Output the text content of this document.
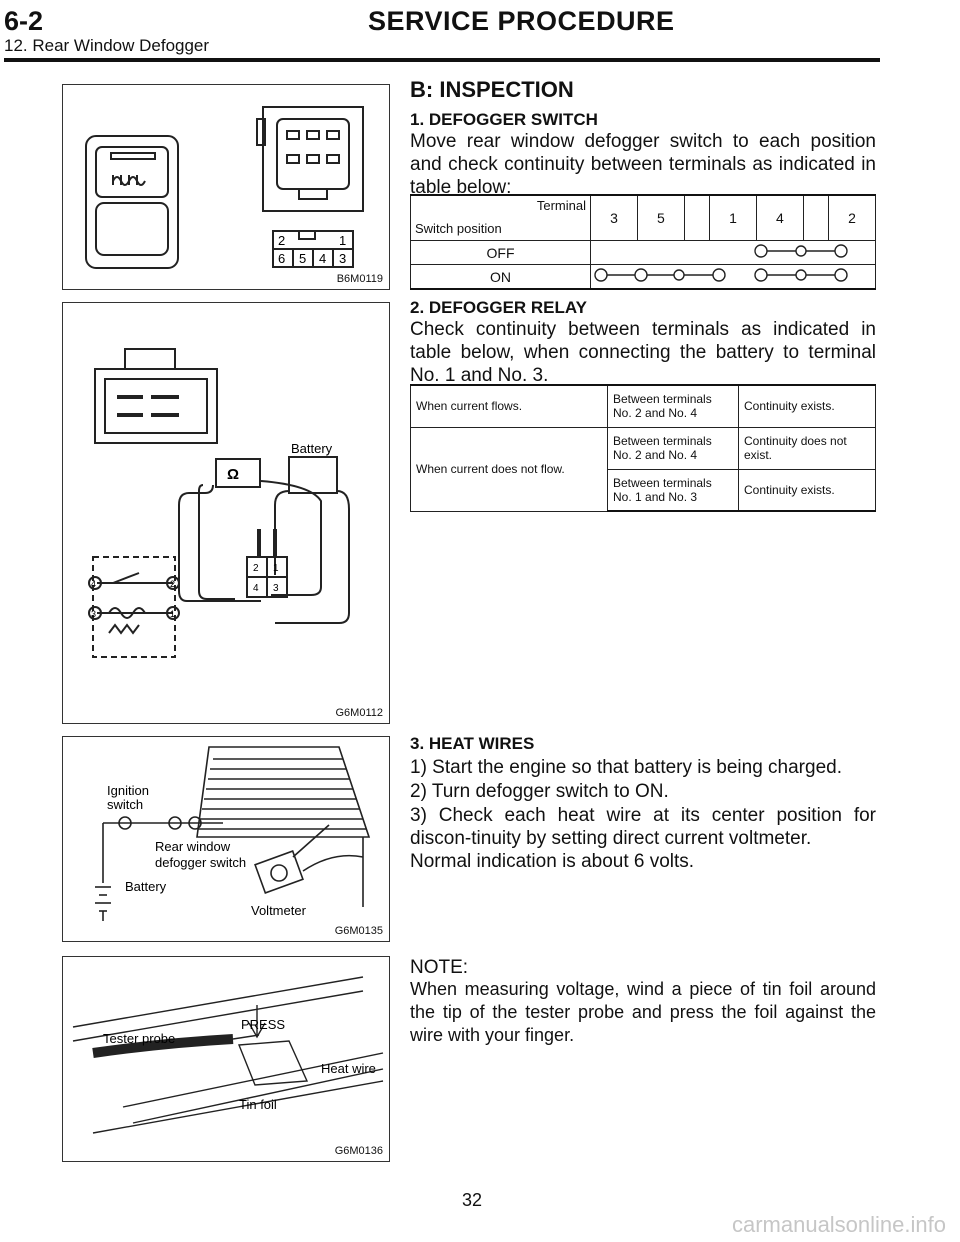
6-2	SERVICE PROCEDURE
12. Rear Window Defogger
2	1
6 5 4 3
B6M0119
Battery
Ω
4	2
3	1
2 1
4 3
G6M0112
Ignition
switch
Rear window
defogger switch
Battery
Voltmeter
G6M0135
Tester probe
PRESS
Heat wire
Tin foil
G6M0136
B: INSPECTION
1. DEFOGGER SWITCH
Move rear window defogger switch to each position and check continuity between terminals as indicated in table below:
Terminal
Switch position	3	5		1	4		2
OFF	
ON	
2. DEFOGGER RELAY
Check continuity between terminals as indicated in table below, when connecting the battery to terminal No. 1 and No. 3.
When current flows.	Between terminals No. 2 and No. 4	Continuity exists.
When current does not flow.	Between terminals No. 2 and No. 4	Continuity does not exist.
	Between terminals No. 1 and No. 3	Continuity exists.
3. HEAT WIRES
1) Start the engine so that battery is being charged.
2) Turn defogger switch to ON.
3) Check each heat wire at its center position for discon-tinuity by setting direct current voltmeter.
Normal indication is about 6 volts.
NOTE:
When measuring voltage, wind a piece of tin foil around the tip of the tester probe and press the foil against the wire with your finger.
32
carmanualsonline.info
